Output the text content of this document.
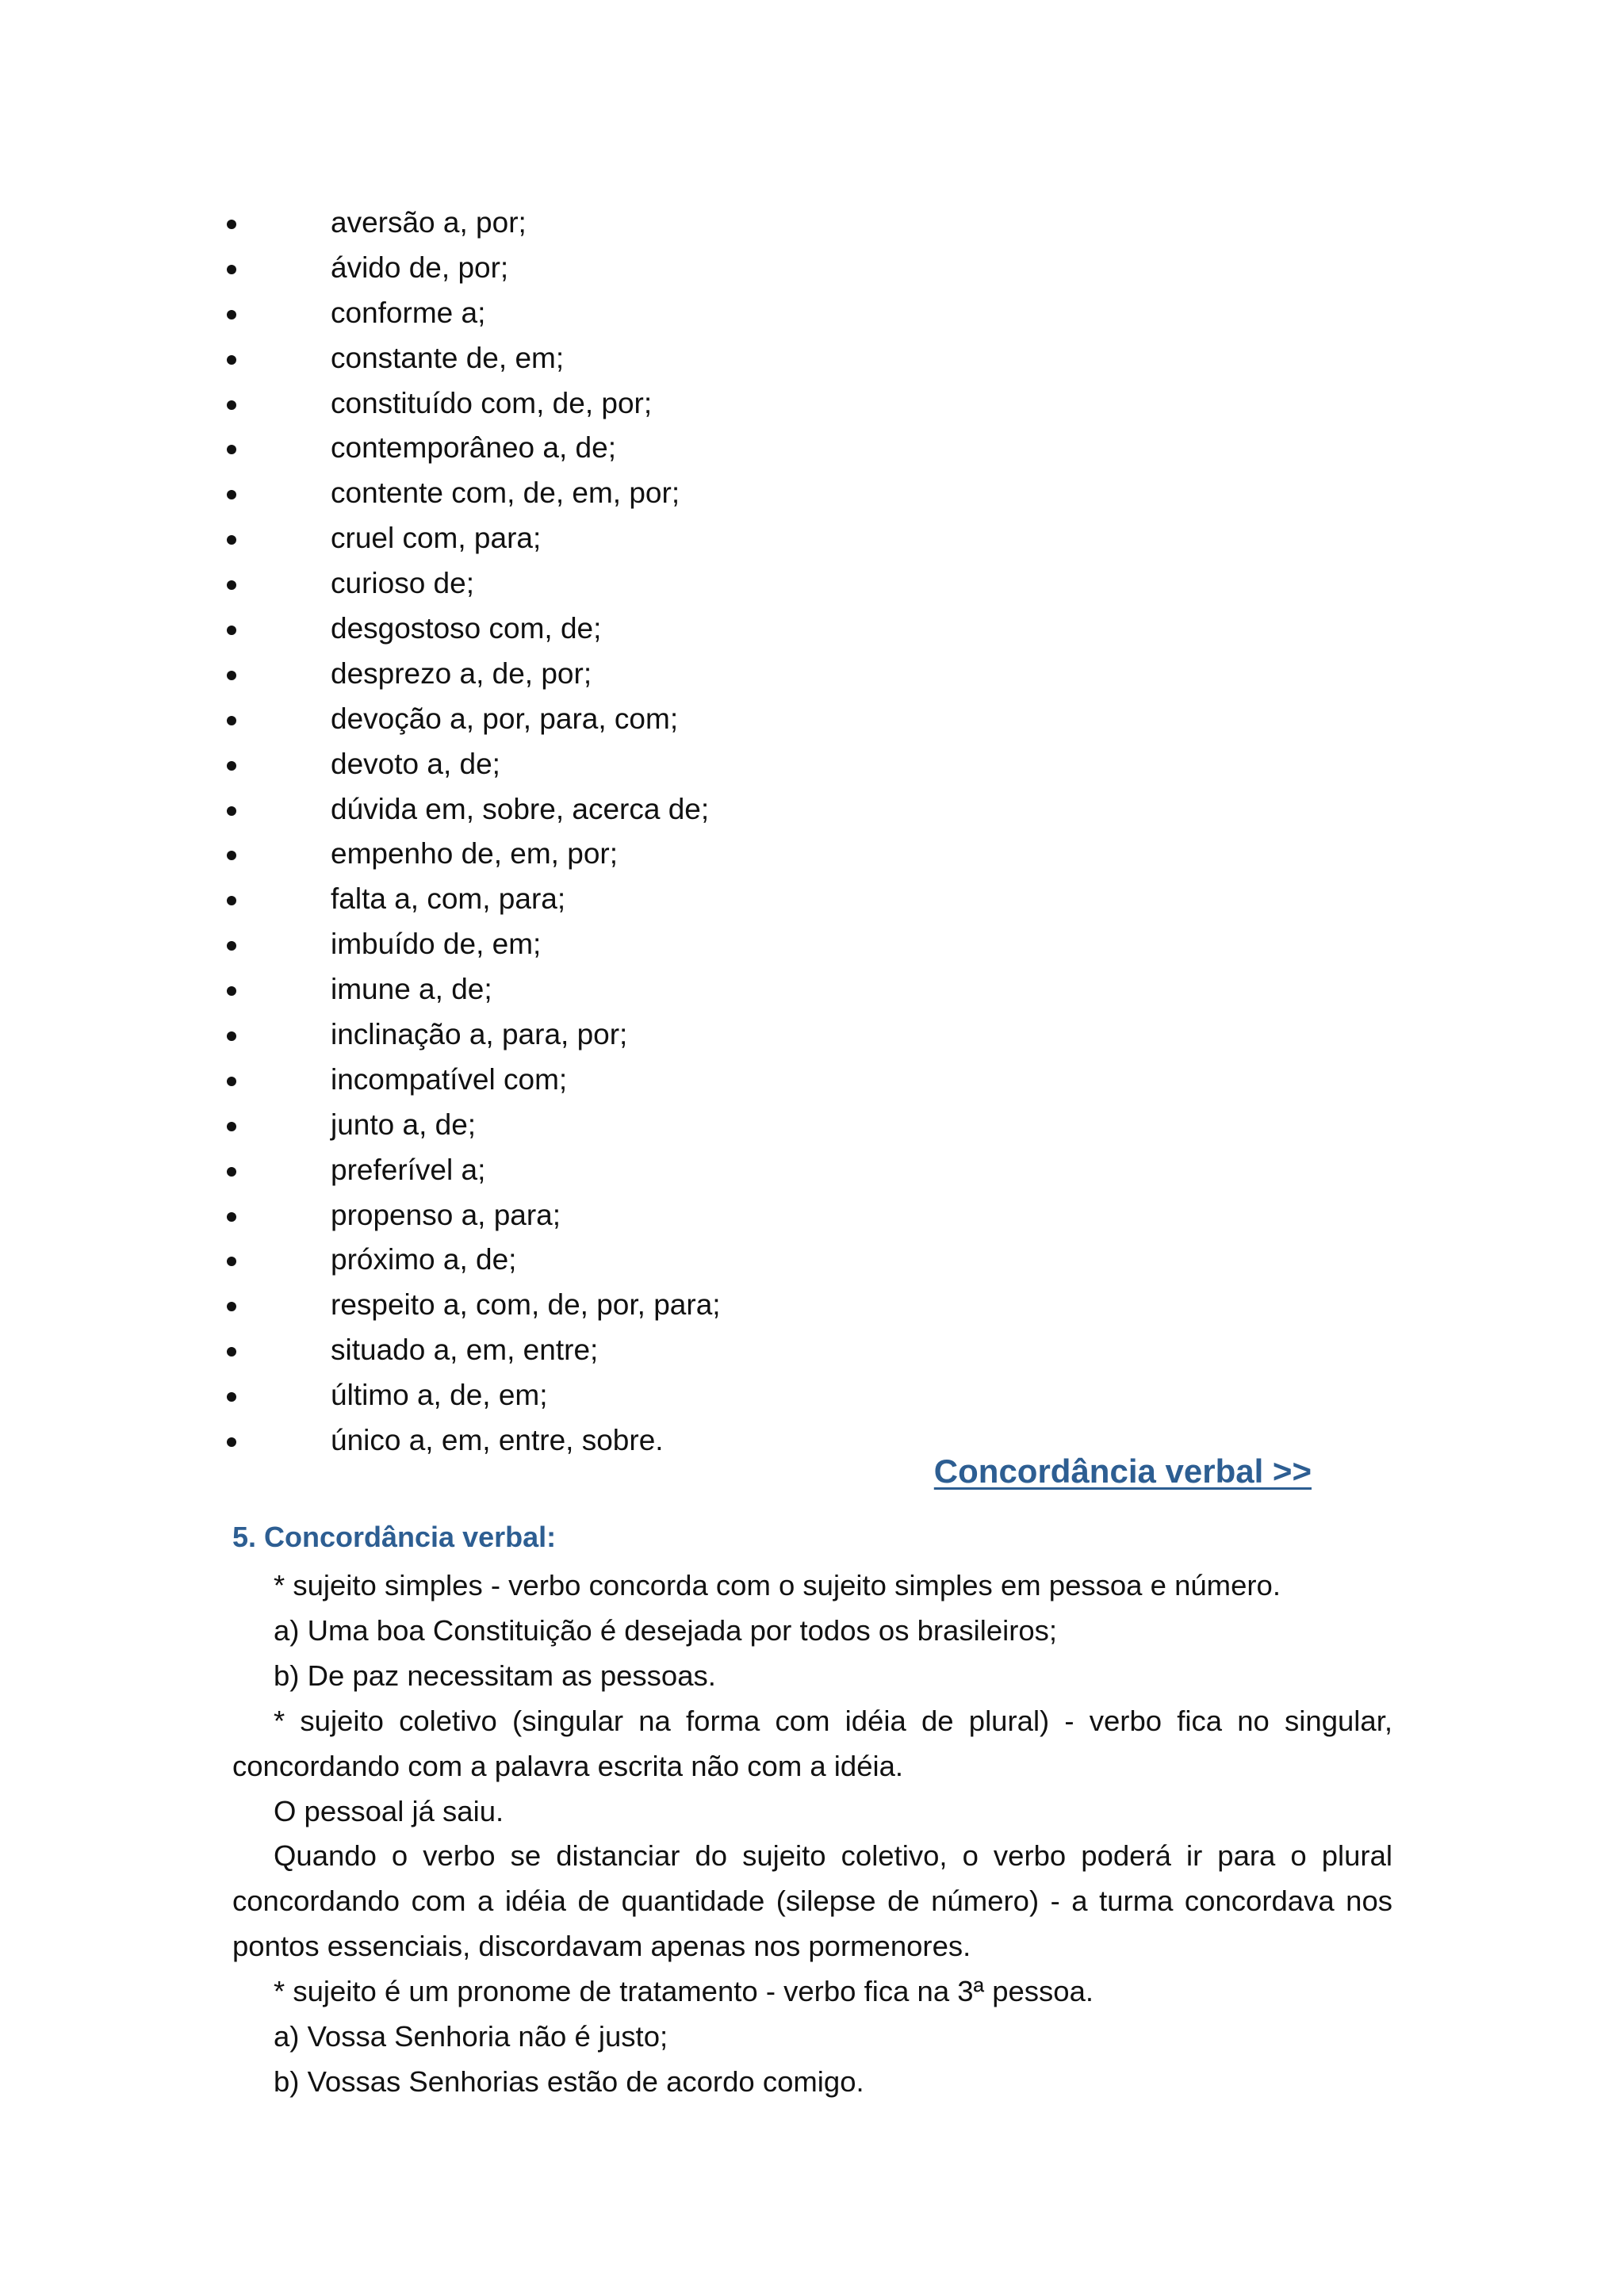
aversão a, por;
ávido de, por;
conforme a;
constante de, em;
constituído com, de, por;
contemporâneo a, de;
contente com, de, em, por;
cruel com, para;
curioso de;
desgostoso com, de;
desprezo a, de, por;
devoção a, por, para, com;
devoto a, de;
dúvida em, sobre, acerca de;
empenho de, em, por;
falta a, com, para;
imbuído de, em;
imune a, de;
inclinação a, para, por;
incompatível com;
junto a, de;
preferível a;
propenso a, para;
próximo a, de;
respeito a, com, de, por, para;
situado a, em, entre;
último a, de, em;
único a, em, entre, sobre.
Concordância verbal >>
5. Concordância verbal:

* sujeito simples - verbo concorda com o sujeito simples em pessoa e número.

a) Uma boa Constituição é desejada por todos os brasileiros;

b) De paz necessitam as pessoas.

* sujeito coletivo (singular na forma com idéia de plural) - verbo fica no singular, concordando com a palavra escrita não com a idéia.

O pessoal já saiu.

Quando o verbo se distanciar do sujeito coletivo, o verbo poderá ir para o plural concordando com a idéia de quantidade (silepse de número) - a turma concordava nos pontos essenciais, discordavam apenas nos pormenores.

* sujeito é um pronome de tratamento - verbo fica na 3ª pessoa.

a) Vossa Senhoria não é justo;

b) Vossas Senhorias estão de acordo comigo.
